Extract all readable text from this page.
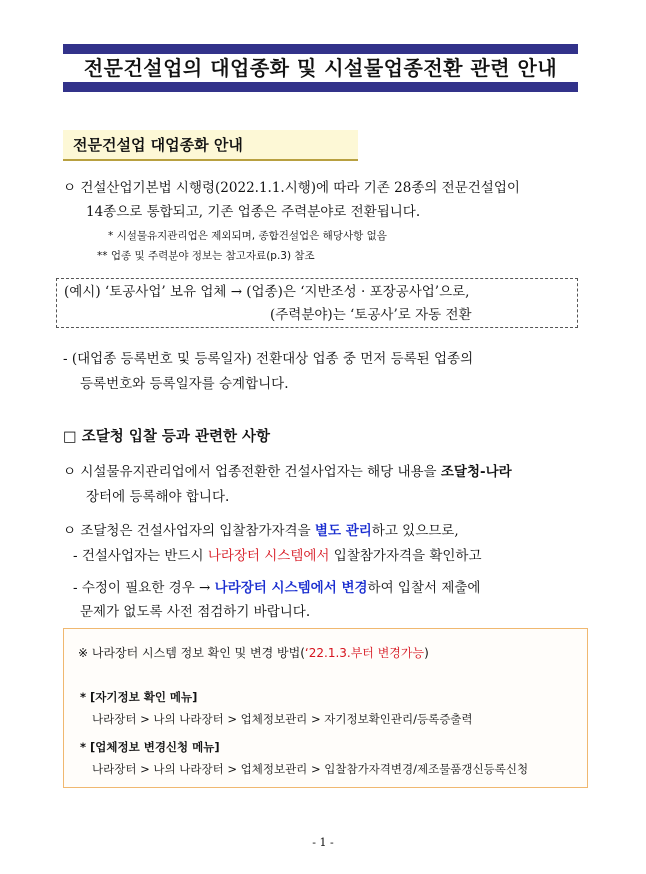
전문건설업의 대업종화 및 시설물업종전환 관련 안내
전문건설업 대업종화 안내
ㅇ 건설산업기본법 시행령(2022.1.1.시행)에 따라 기존 28종의 전문건설업이
14종으로 통합되고, 기존 업종은 주력분야로 전환됩니다.
* 시설물유지관리업은 제외되며, 종합건설업은 해당사항 없음
** 업종 및 주력분야 정보는 참고자료(p.3) 참조
(예시) ‘토공사업’ 보유 업체 → (업종)은 ‘지반조성 · 포장공사업’으로,
(주력분야)는 ‘토공사’로 자동 전환
- (대업종 등록번호 및 등록일자) 전환대상 업종 중 먼저 등록된 업종의
등록번호와 등록일자를 승계합니다.
□ 조달청 입찰 등과 관련한 사항
ㅇ 시설물유지관리업에서 업종전환한 건설사업자는 해당 내용을 조달청-나라
장터에 등록해야 합니다.
ㅇ 조달청은 건설사업자의 입찰참가자격을 별도 관리하고 있으므로,
- 건설사업자는 반드시 나라장터 시스템에서 입찰참가자격을 확인하고
- 수정이 필요한 경우 → 나라장터 시스템에서 변경하여 입찰서 제출에
문제가 없도록 사전 점검하기 바랍니다.
※ 나라장터 시스템 정보 확인 및 변경 방법(‘22.1.3.부터 변경가능)
* [자기정보 확인 메뉴]
나라장터 > 나의 나라장터 > 업체정보관리 > 자기정보확인관리/등록증출력
* [업체정보 변경신청 메뉴]
나라장터 > 나의 나라장터 > 업체정보관리 > 입찰참가자격변경/제조물품갱신등록신청
- 1 -
